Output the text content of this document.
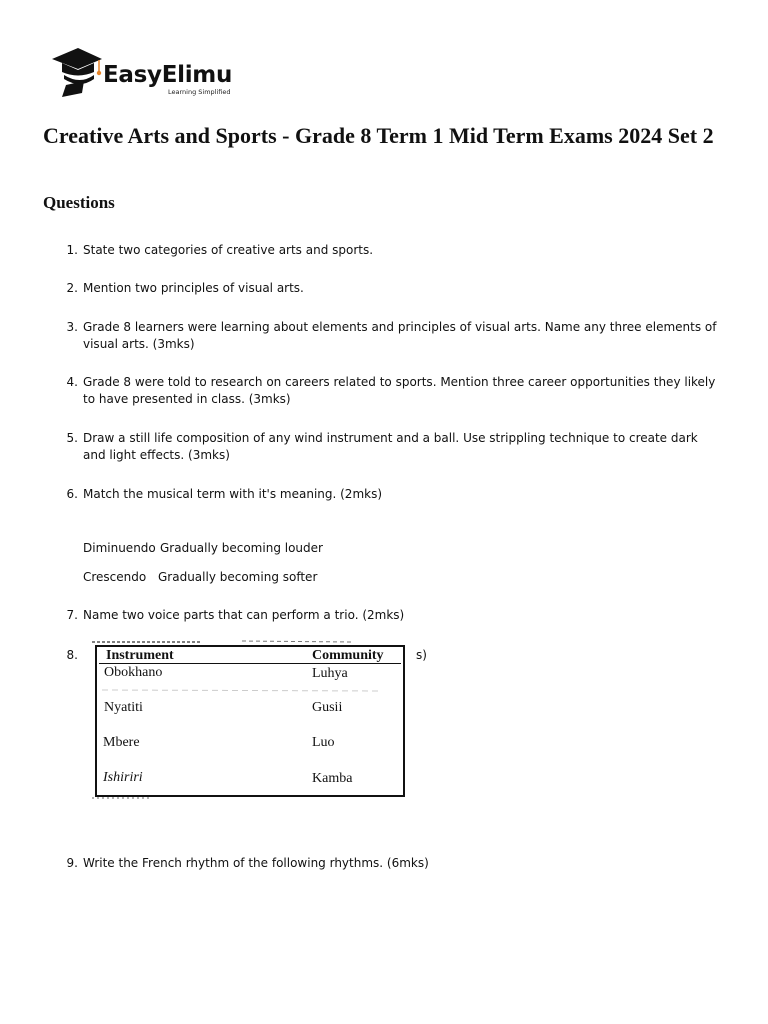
EasyElimu
Learning Simplified
Creative Arts and Sports - Grade 8 Term 1 Mid Term Exams 2024 Set 2
Questions
1. State two categories of creative arts and sports.
2. Mention two principles of visual arts.
3. Grade 8 learners were learning about elements and principles of visual arts. Name any three elements of visual arts. (3mks)
4. Grade 8 were told to research on careers related to sports. Mention three career opportunities they likely to have presented in class. (3mks)
5. Draw a still life composition of any wind instrument and a ball. Use strippling technique to create dark and light effects. (3mks)
6. Match the musical term with it's meaning. (2mks)
Diminuendo Gradually becoming louder
Crescendo Gradually becoming softer
7. Name two voice parts that can perform a trio. (2mks)
8.	s)
Instrument	Community
Obokhano	Luhya
Nyatiti	Gusii
Mbere	Luo
Ishiriri	Kamba
9. Write the French rhythm of the following rhythms. (6mks)
